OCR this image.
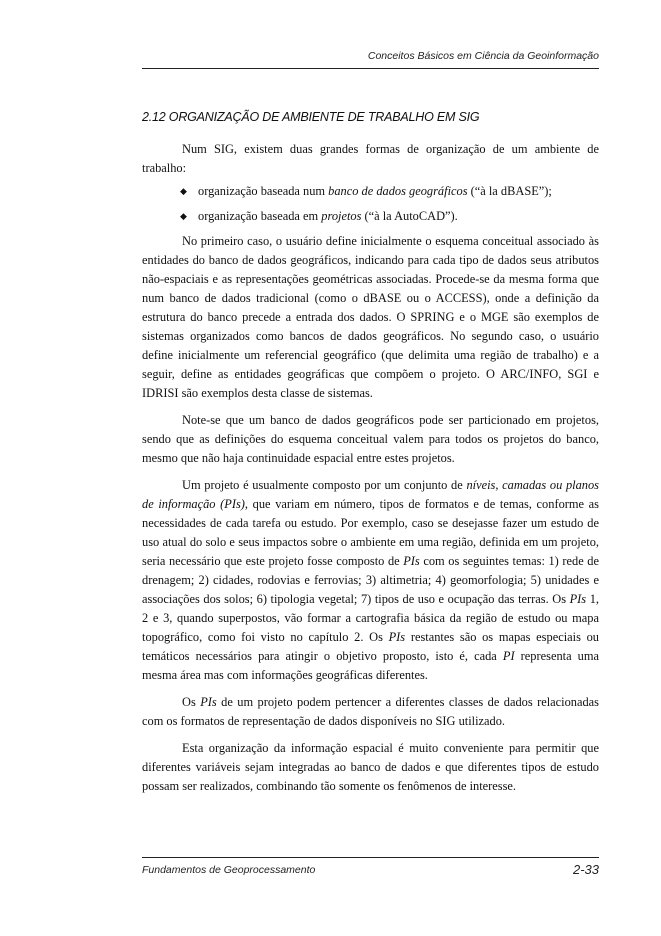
Conceitos Básicos em Ciência da Geoinformação
2.12 ORGANIZAÇÃO DE AMBIENTE DE TRABALHO EM SIG

Num SIG, existem duas grandes formas de organização de um ambiente de trabalho:

◆ organização baseada num banco de dados geográficos (“à la dBASE”);
◆ organização baseada em projetos (“à la AutoCAD”).

No primeiro caso, o usuário define inicialmente o esquema conceitual associado às entidades do banco de dados geográficos, indicando para cada tipo de dados seus atributos não-espaciais e as representações geométricas associadas. Procede-se da mesma forma que num banco de dados tradicional (como o dBASE ou o ACCESS), onde a definição da estrutura do banco precede a entrada dos dados. O SPRING e o MGE são exemplos de sistemas organizados como bancos de dados geográficos. No segundo caso, o usuário define inicialmente um referencial geográfico (que delimita uma região de trabalho) e a seguir, define as entidades geográficas que compõem o projeto. O ARC/INFO, SGI e IDRISI são exemplos desta classe de sistemas.

Note-se que um banco de dados geográficos pode ser particionado em projetos, sendo que as definições do esquema conceitual valem para todos os projetos do banco, mesmo que não haja continuidade espacial entre estes projetos.

Um projeto é usualmente composto por um conjunto de níveis, camadas ou planos de informação (PIs), que variam em número, tipos de formatos e de temas, conforme as necessidades de cada tarefa ou estudo. Por exemplo, caso se desejasse fazer um estudo de uso atual do solo e seus impactos sobre o ambiente em uma região, definida em um projeto, seria necessário que este projeto fosse composto de PIs com os seguintes temas: 1) rede de drenagem; 2) cidades, rodovias e ferrovias; 3) altimetria; 4) geomorfologia; 5) unidades e associações dos solos; 6) tipologia vegetal; 7) tipos de uso e ocupação das terras. Os PIs 1, 2 e 3, quando superpostos, vão formar a cartografia básica da região de estudo ou mapa topográfico, como foi visto no capítulo 2. Os PIs restantes são os mapas especiais ou temáticos necessários para atingir o objetivo proposto, isto é, cada PI representa uma mesma área mas com informações geográficas diferentes.

Os PIs de um projeto podem pertencer a diferentes classes de dados relacionadas com os formatos de representação de dados disponíveis no SIG utilizado.

Esta organização da informação espacial é muito conveniente para permitir que diferentes variáveis sejam integradas ao banco de dados e que diferentes tipos de estudo possam ser realizados, combinando tão somente os fenômenos de interesse.

Fundamentos de Geoprocessamento	2-33
